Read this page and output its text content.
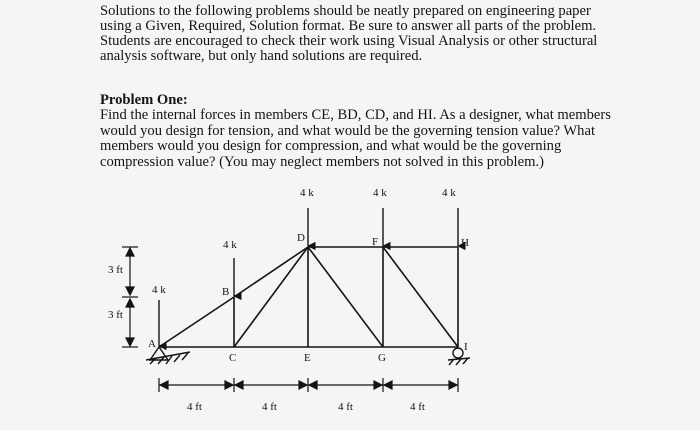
Solutions to the following problems should be neatly prepared on engineering paper
using a Given, Required, Solution format. Be sure to answer all parts of the problem.
Students are encouraged to check their work using Visual Analysis or other structural
analysis software, but only hand solutions are required.
Problem One:
Find the internal forces in members CE, BD, CD, and HI. As a designer, what members
would you design for tension, and what would be the governing tension value? What
members would you design for compression, and what would be the governing
compression value? (You may neglect members not solved in this problem.)
4 k	4 k	4 k
4 k
4 k
A
B
C
D
E
F
G
H
I
3 ft
3 ft
4 ft	4 ft	4 ft	4 ft
